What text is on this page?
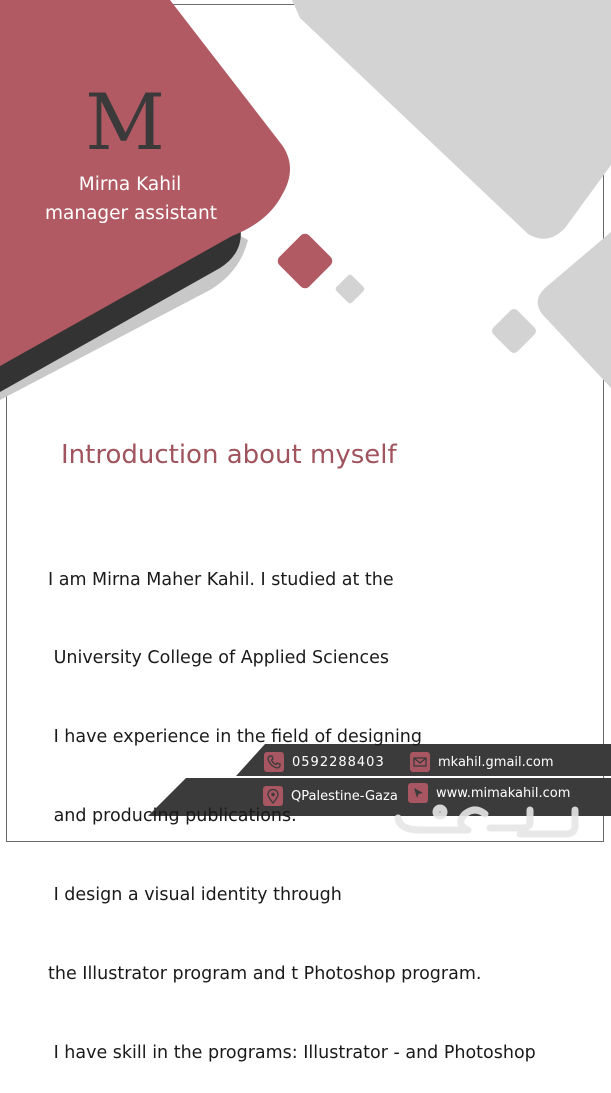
M
Mirna Kahil
manager assistant
Introduction about myself

I am Mirna Maher Kahil. I studied at the

University College of Applied Sciences

I have experience in the field of designing

and producing publications.

I design a visual identity through

the Illustrator program and t Photoshop program.

I have skill in the programs: Illustrator - and Photoshop

0592288403	mkahil.gmail.com
QPalestine-Gaza	www.mimakahil.com
